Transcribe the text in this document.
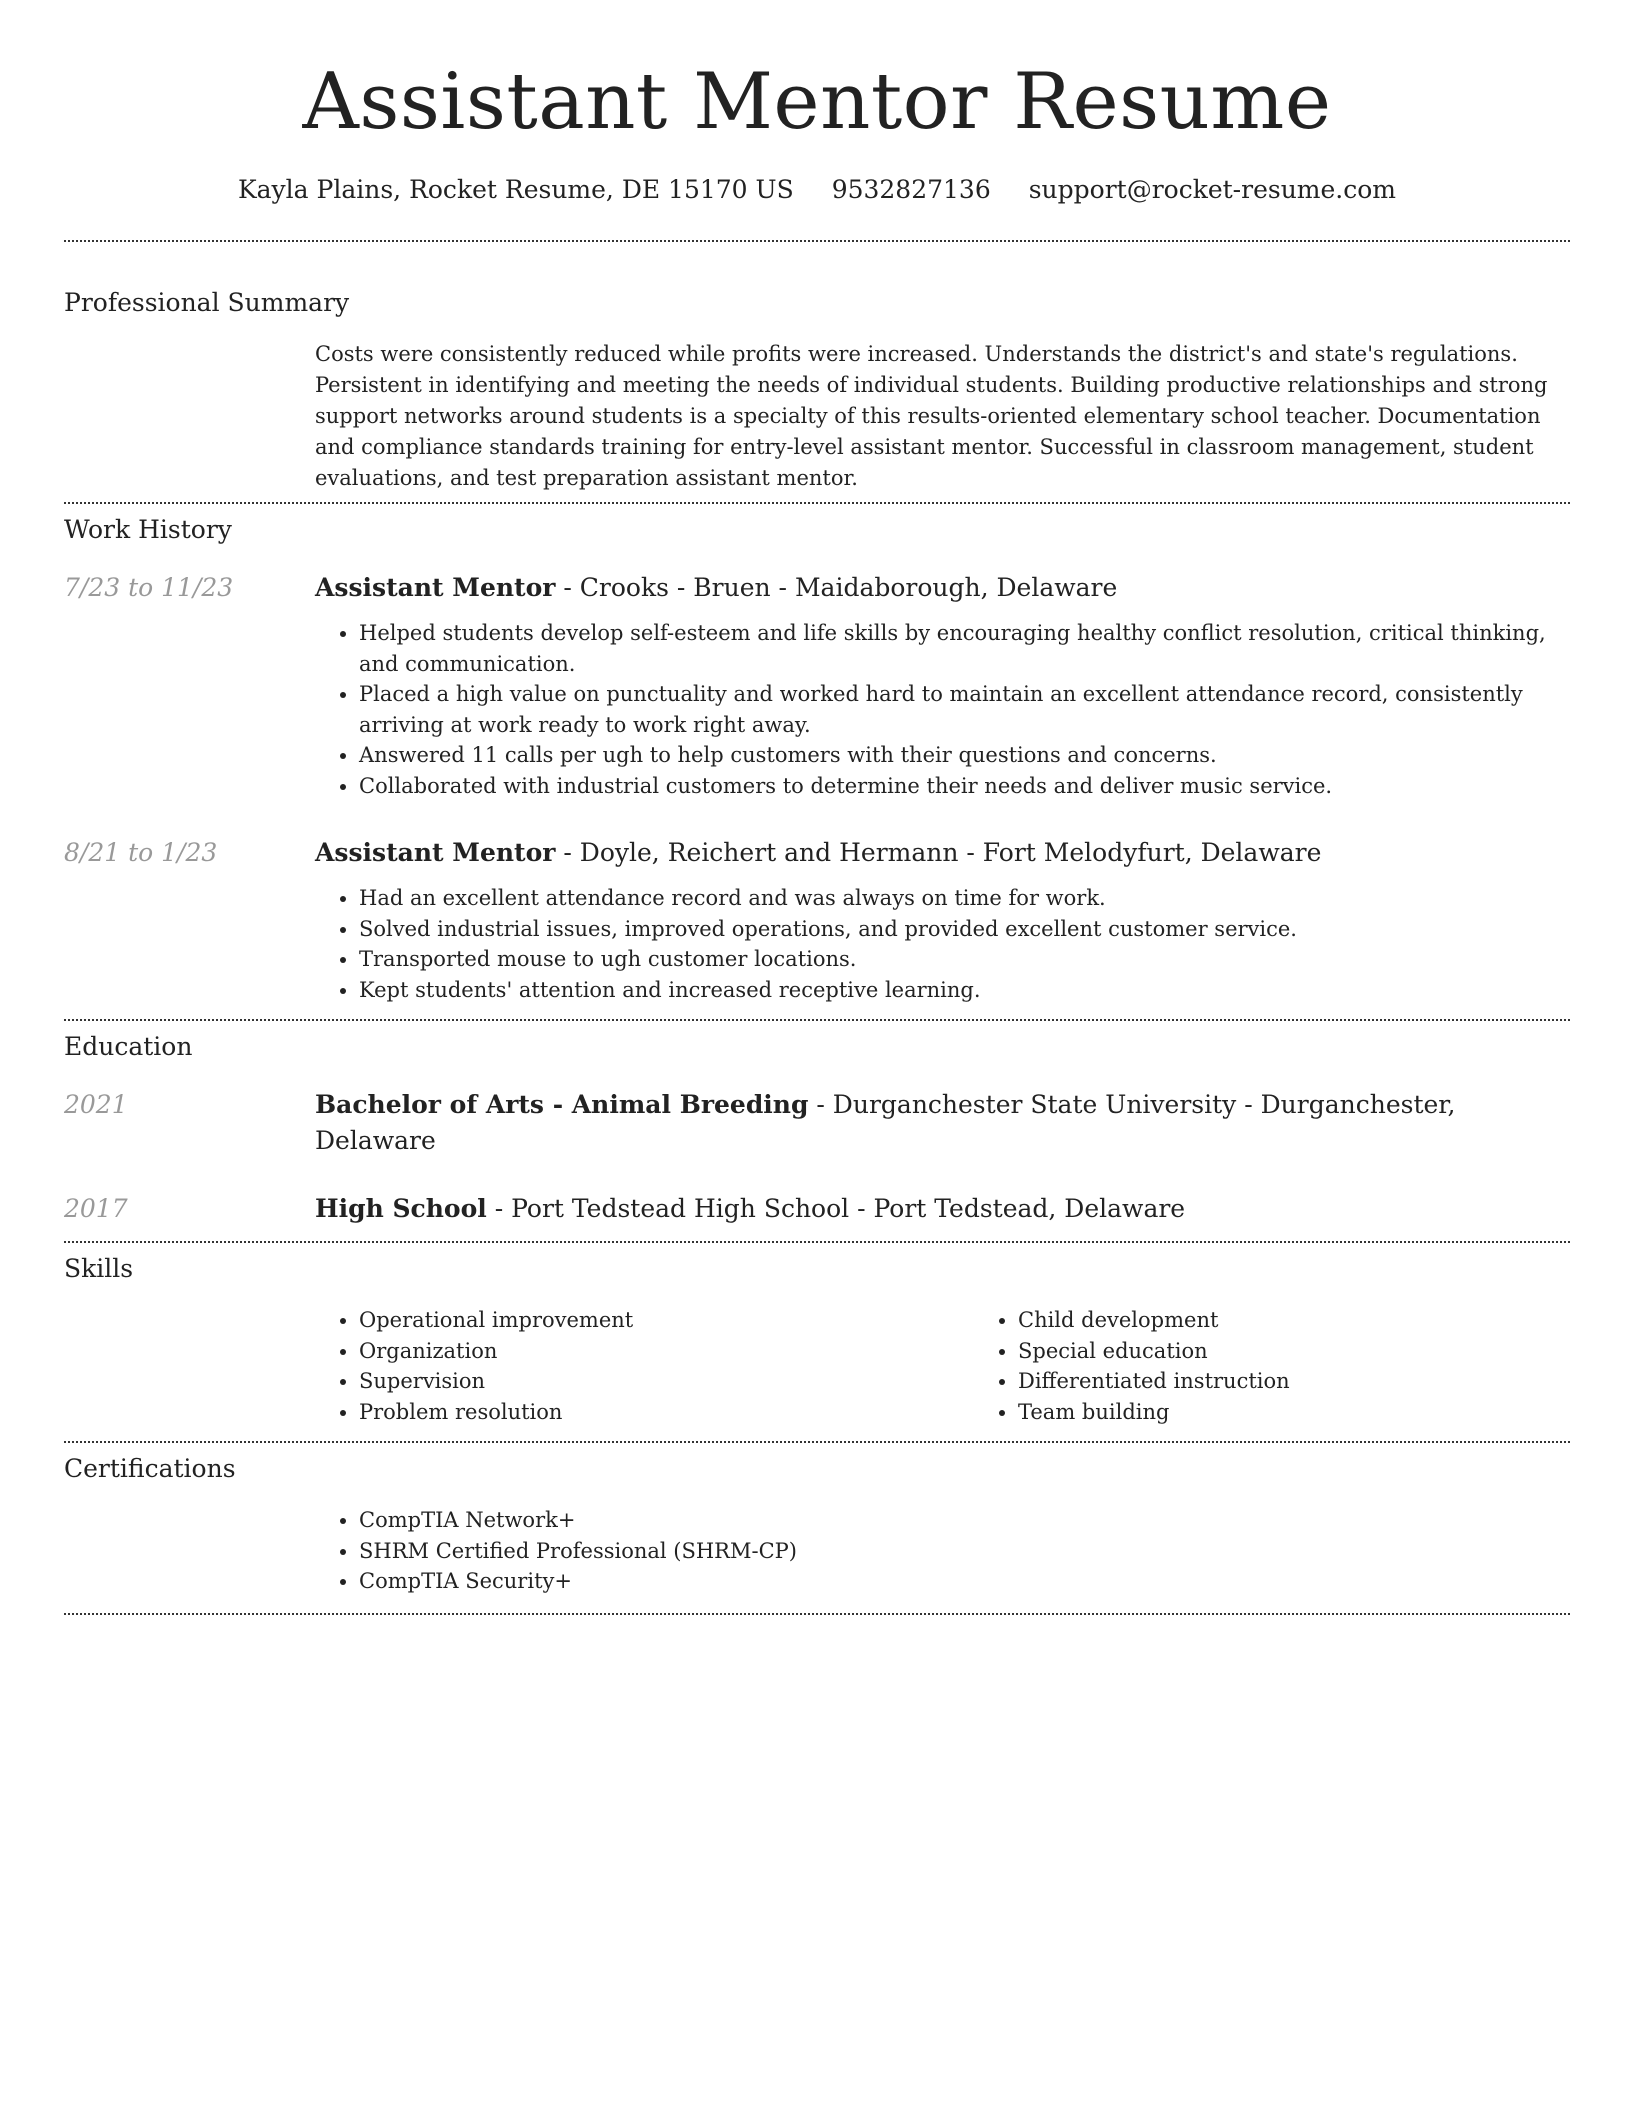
Assistant Mentor Resume
Kayla Plains, Rocket Resume, DE 15170 US 9532827136 support@rocket-resume.com
Professional Summary
Costs were consistently reduced while profits were increased. Understands the district's and state's regulations. Persistent in identifying and meeting the needs of individual students. Building productive relationships and strong support networks around students is a specialty of this results-oriented elementary school teacher. Documentation and compliance standards training for entry-level assistant mentor. Successful in classroom management, student evaluations, and test preparation assistant mentor.
Work History
7/23 to 11/23	Assistant Mentor - Crooks - Bruen - Maidaborough, Delaware
• Helped students develop self-esteem and life skills by encouraging healthy conflict resolution, critical thinking, and communication.
• Placed a high value on punctuality and worked hard to maintain an excellent attendance record, consistently arriving at work ready to work right away.
• Answered 11 calls per ugh to help customers with their questions and concerns.
• Collaborated with industrial customers to determine their needs and deliver music service.
8/21 to 1/23	Assistant Mentor - Doyle, Reichert and Hermann - Fort Melodyfurt, Delaware
• Had an excellent attendance record and was always on time for work.
• Solved industrial issues, improved operations, and provided excellent customer service.
• Transported mouse to ugh customer locations.
• Kept students' attention and increased receptive learning.
Education
2021	Bachelor of Arts - Animal Breeding - Durganchester State University - Durganchester, Delaware
2017	High School - Port Tedstead High School - Port Tedstead, Delaware
Skills
• Operational improvement
• Organization
• Supervision
• Problem resolution
• Child development
• Special education
• Differentiated instruction
• Team building
Certifications
• CompTIA Network+
• SHRM Certified Professional (SHRM-CP)
• CompTIA Security+
